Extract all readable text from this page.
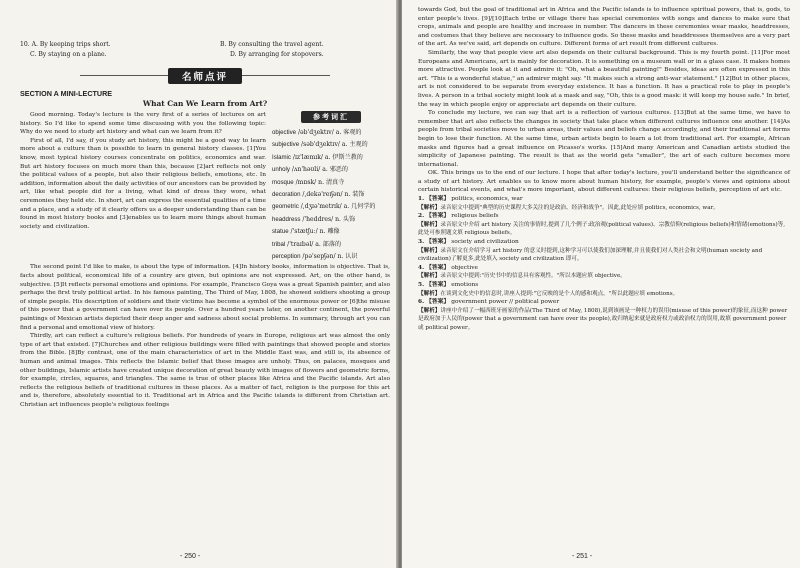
10. A. By keeping trips short.	B. By consulting the travel agent.
C. By staying on a plane.	D. By arranging for stopovers.
名师点评
SECTION A MINI-LECTURE
What Can We Learn from Art?

Good morning. Today's lecture is the very first of a series of lectures on art history. So I'd like to spend some time discussing with you the following topic: Why do we need to study art history and what can we learn from it?

First of all, I'd say, if you study art history, this might be a good way to learn more about a culture than is possible to learn in general history classes. [1]You know, most typical history courses concentrate on politics, economics and war. But art history focuses on much more than this, because [2]art reflects not only the political values of a people, but also their religious beliefs, emotions, etc. In addition, information about the daily activities of our ancestors can be provided by art, like what people did for a living, what kind of dress they wore, what ceremonies they held etc. In short, art can express the essential qualities of a time and a place, and a study of it clearly offers us a deeper understanding than can be found in most history books and [3]enables us to learn more things about human society and civilization.

参考词汇
objective /əb'dʒektɪv/ a. 客观的
subjective /səb'dʒektɪv/ a. 主观的
Islamic /ɪz'læmɪk/ a. 伊斯兰教的
unholy /ʌn'həʊli/ a. 邪恶的
mosque /mɒsk/ n. 清真寺
decoration /,dekə'reɪʃən/ n. 装饰
geometric /,dʒɪə'metrɪk/ a. 几何学的
headdress /'heddres/ n. 头饰
statue /'stætʃuː/ n. 雕像
tribal /'traɪbəl/ a. 部落的
perception /pə'sepʃən/ n. 认识

The second point I'd like to make, is about the type of information. [4]In history books, information is objective. That is, facts about political, economical life of a country are given, but opinions are not expressed. Art, on the other hand, is subjective. [5]It reflects personal emotions and opinions. For example, Francisco Goya was a great Spanish painter, and also perhaps the first truly political artist. In his famous painting, The Third of May, 1808, he showed soldiers shooting a group of simple people. His description of soldiers and their victims has become a symbol of the enormous power or [6]the misuse of this power that a government can have over its people. Over a hundred years later, on another continent, the powerful paintings of Mexican artists depicted their deep anger and sadness about social problems. In summary, through art you can find a personal and emotional view of history.

Thirdly, art can reflect a culture's religious beliefs. For hundreds of years in Europe, religious art was almost the only type of art that existed. [7]Churches and other religious buildings were filled with paintings that showed people and stories from the Bible. [8]By contrast, one of the main characteristics of art in the Middle East was, and still is, its absence of human and animal images. This reflects the Islamic belief that these images are unholy. Thus, on palaces, mosques and other buildings, Islamic artists have created unique decoration of great beauty with images of flowers and geometric forms, for example, circles, squares, and triangles. The same is true of other places like Africa and the Pacific islands. Art also reflects the religious beliefs of traditional cultures in these places. As a matter of fact, religion is the purpose for this art and is, therefore, absolutely essential to it. Traditional art in Africa and the Pacific islands is different from Christian art. Christian art influences people's religious feelings

- 250 -

towards God, but the goal of traditional art in Africa and the Pacific islands is to influence spiritual powers, that is, gods, to enter people's lives. [9]/[10]Each tribe or village there has special ceremonies with songs and dances to make sure that crops, animals and people are healthy and increase in number. The dancers in these ceremonies wear masks, headdresses, and costumes that they believe are necessary to influence gods. So these masks and headdresses themselves are a very part of the art. As we've said, art depends on culture. Different forms of art result from different cultures.

Similarly, the way that people view art also depends on their cultural background. This is my fourth point. [11]For most Europeans and Americans, art is mainly for decoration. It is something on a museum wall or in a glass case. It makes homes more attractive. People look at it and admire it: "Oh, what a beautiful painting!" Besides, ideas are often expressed in this art. "This is a wonderful statue," an admirer might say. "It makes such a strong anti-war statement." [12]But in other places, art is not considered to be separate from everyday existence. It has a function. It has a practical role to play in people's lives. A person in a tribal society might look at a mask and say, "Oh, this is a good mask: it will keep my house safe." In brief, the way in which people enjoy or appreciate art depends on their culture.

To conclude my lecture, we can say that art is a reflection of various cultures. [13]But at the same time, we have to remember that art also reflects the changes in society that take place when different cultures influence one another. [14]As people from tribal societies move to urban areas, their values and beliefs change accordingly, and their traditional art forms begin to lose their function. At the same time, urban artists begin to learn a lot from traditional art. For example, African masks and figures had a great influence on Picasso's works. [15]And many American and Canadian artists studied the simplicity of Japanese painting. The result is that as the world gets "smaller", the art of each culture becomes more international.

OK. This brings us to the end of our lecture. I hope that after today's lecture, you'll understand better the significance of a study of art history. Art enables us to know more about human history, for example, people's views and opinions about certain historical events, and what's more important, about different cultures: their religious beliefs, perception of art etc.

1. 【答案】 politics, economics, war
【解析】录音原文中提到"典型的历史课程大多关注的是政治、经济和战争"。因此,此处应填 politics, economics, war。
2. 【答案】 religious beliefs
【解析】录音原文中介绍 art history 关注的事情时,提到了几个例子:政治观(political values)、宗教信仰(religious beliefs)和情绪(emotions)等,此处可参照题文填 religious beliefs。
3. 【答案】 society and civilization
【解析】录音原文在介绍学习 art history 的意义时提到,这种学习可以使我们加深理解,并且使我们对人类社会和文明(human society and civilization)了解更多,此处填入 society and civilization 即可。
4. 【答案】 objective
【解析】录音原文中提到:"历史书中的信息具有客观性。"所以本题应填 objective。
5. 【答案】 emotions
【解析】在谈到文化史中的信息时,讲座人提到:"它反映的是个人的感和观点。"所以此题应填 emotions。
6. 【答案】 government power // political power
【解析】讲座中介绍了一幅西班牙画家的作品(The Third of May, 1808),说到该画是一种权力的误用(misuse of this power)的象征,而这种 power 是政府加于人民的(power that a government can have over its people),故归纳起来就是政府权力或政治权力的误用,故填 government power 或 political power。
- 251 -
